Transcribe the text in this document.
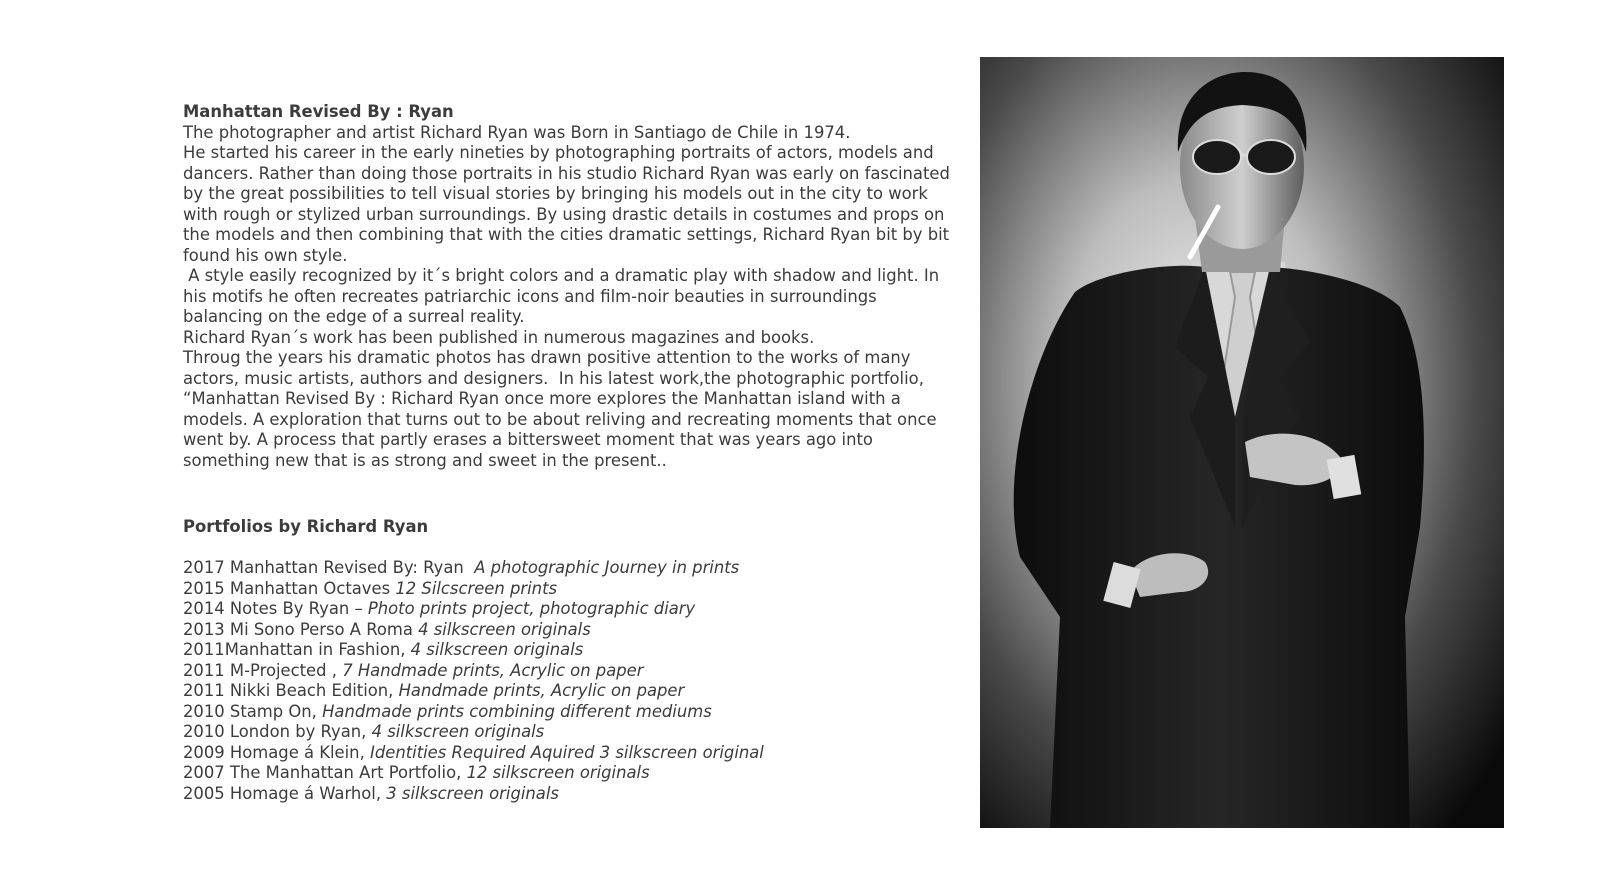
Manhattan Revised By : Ryan

The photographer and artist Richard Ryan was Born in Santiago de Chile in 1974.

He started his career in the early nineties by photographing portraits of actors, models and dancers. Rather than doing those portraits in his studio Richard Ryan was early on fascinated by the great possibilities to tell visual stories by bringing his models out in the city to work with rough or stylized urban surroundings. By using drastic details in costumes and props on the models and then combining that with the cities dramatic settings, Richard Ryan bit by bit found his own style.

A style easily recognized by it´s bright colors and a dramatic play with shadow and light. In his motifs he often recreates patriarchic icons and film-noir beauties in surroundings balancing on the edge of a surreal reality.

Richard Ryan´s work has been published in numerous magazines and books.

Throug the years his dramatic photos has drawn positive attention to the works of many actors, music artists, authors and designers.  In his latest work,the photographic portfolio, “Manhattan Revised By : Richard Ryan once more explores the Manhattan island with a models. A exploration that turns out to be about reliving and recreating moments that once went by. A process that partly erases a bittersweet moment that was years ago into something new that is as strong and sweet in the present..

Portfolios by Richard Ryan
2017 Manhattan Revised By: Ryan  A photographic Journey in prints
2015 Manhattan Octaves 12 Silcscreen prints
2014 Notes By Ryan – Photo prints project, photographic diary
2013 Mi Sono Perso A Roma 4 silkscreen originals
2011Manhattan in Fashion, 4 silkscreen originals
2011 M-Projected , 7 Handmade prints, Acrylic on paper
2011 Nikki Beach Edition, Handmade prints, Acrylic on paper
2010 Stamp On, Handmade prints combining different mediums
2010 London by Ryan, 4 silkscreen originals
2009 Homage á Klein, Identities Required Aquired 3 silkscreen original
2007 The Manhattan Art Portfolio, 12 silkscreen originals
2005 Homage á Warhol, 3 silkscreen originals
